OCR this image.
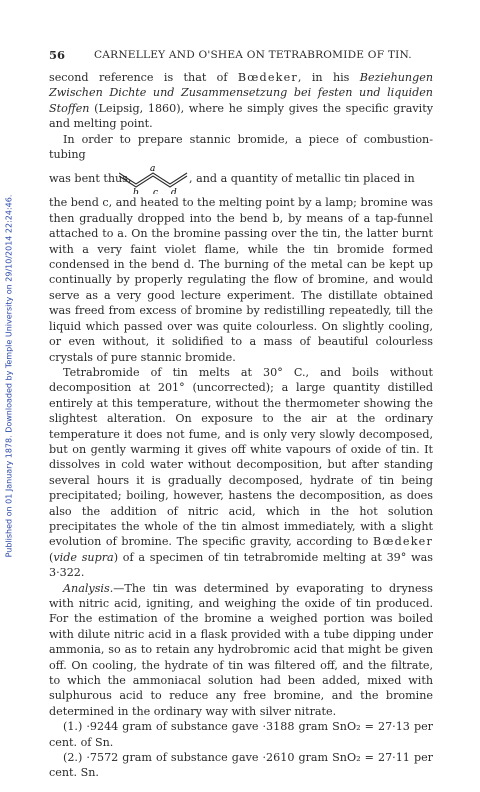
Published on 01 January 1878. Downloaded by Temple University on 29/10/2014 22:24:46.
56	CARNELLEY AND O'SHEA ON TETRABROMIDE OF TIN.

second reference is that of Bœdeker, in his Beziehungen Zwischen Dichte und Zusammensetzung bei festen und liquiden Stoffen (Leipsig, 1860), where he simply gives the specific gravity and melting point.

In order to prepare stannic bromide, a piece of combustion-tubing

was bent thus,
a
b c d
, and a quantity of metallic tin placed in

the bend c, and heated to the melting point by a lamp; bromine was then gradually dropped into the bend b, by means of a tap-funnel attached to a. On the bromine passing over the tin, the latter burnt with a very faint violet flame, while the tin bromide formed condensed in the bend d. The burning of the metal can be kept up continually by properly regulating the flow of bromine, and would serve as a very good lecture experiment. The distillate obtained was freed from excess of bromine by redistilling repeatedly, till the liquid which passed over was quite colourless. On slightly cooling, or even without, it solidified to a mass of beautiful colourless crystals of pure stannic bromide.

Tetrabromide of tin melts at 30° C., and boils without decomposition at 201° (uncorrected); a large quantity distilled entirely at this temperature, without the thermometer showing the slightest alteration. On exposure to the air at the ordinary temperature it does not fume, and is only very slowly decomposed, but on gently warming it gives off white vapours of oxide of tin. It dissolves in cold water without decomposition, but after standing several hours it is gradually decomposed, hydrate of tin being precipitated; boiling, however, hastens the decomposition, as does also the addition of nitric acid, which in the hot solution precipitates the whole of the tin almost immediately, with a slight evolution of bromine. The specific gravity, according to Bœdeker (vide supra) of a specimen of tin tetrabromide melting at 39° was 3·322.

Analysis.—The tin was determined by evaporating to dryness with nitric acid, igniting, and weighing the oxide of tin produced. For the estimation of the bromine a weighed portion was boiled with dilute nitric acid in a flask provided with a tube dipping under ammonia, so as to retain any hydrobromic acid that might be given off. On cooling, the hydrate of tin was filtered off, and the filtrate, to which the ammoniacal solution had been added, mixed with sulphurous acid to reduce any free bromine, and the bromine determined in the ordinary way with silver nitrate.

(1.) ·9244 gram of substance gave ·3188 gram SnO₂ = 27·13 per cent. of Sn.

(2.) ·7572 gram of substance gave ·2610 gram SnO₂ = 27·11 per cent. Sn.
